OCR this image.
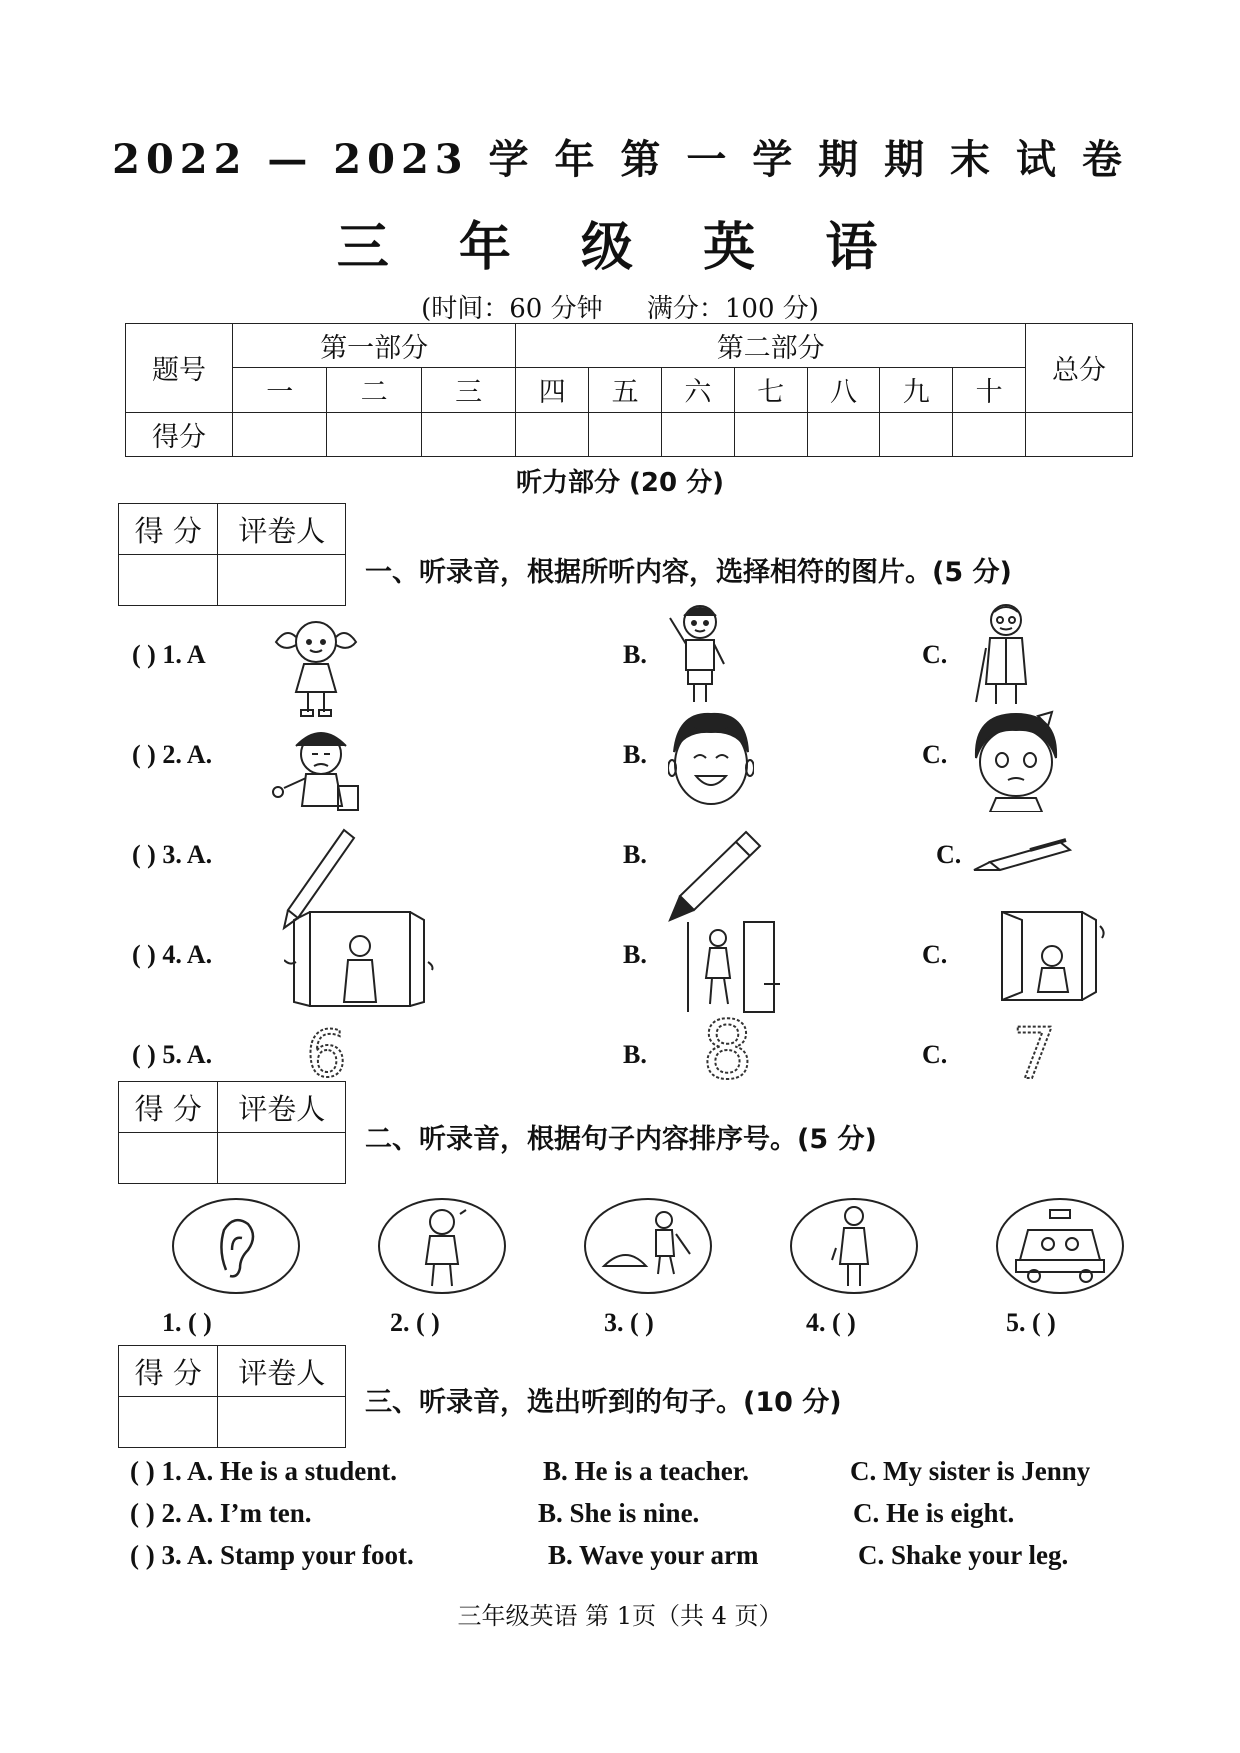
2022 — 2023 学 年 第 一 学 期 期 末 试 卷
三 年 级 英 语
(时间：60 分钟 满分：100 分)
题号	第一部分			第二部分							总分
	一	二	三	四	五	六	七	八	九	十	
得分											
听力部分 (20 分)
得 分	评卷人

一、听录音，根据所听内容，选择相符的图片。(5 分)
( ) 1. A	B.	C.
( ) 2. A.	B.	C.
( ) 3. A.	B.	C.
( ) 4. A.	B.	C.
( ) 5. A. 6	B. 8	C. 7
得 分	评卷人

二、听录音，根据句子内容排序号。(5 分)
1. ( )	2. ( )	3. ( )	4. ( )	5. ( )
得 分	评卷人

三、听录音，选出听到的句子。(10 分)
( ) 1. A. He is a student.	B. He is a teacher.	C. My sister is Jenny
( ) 2. A. I’m ten.	B. She is nine.	C. He is eight.
( ) 3. A. Stamp your foot.	B. Wave your arm	C. Shake your leg.
三年级英语 第 1页（共 4 页）
